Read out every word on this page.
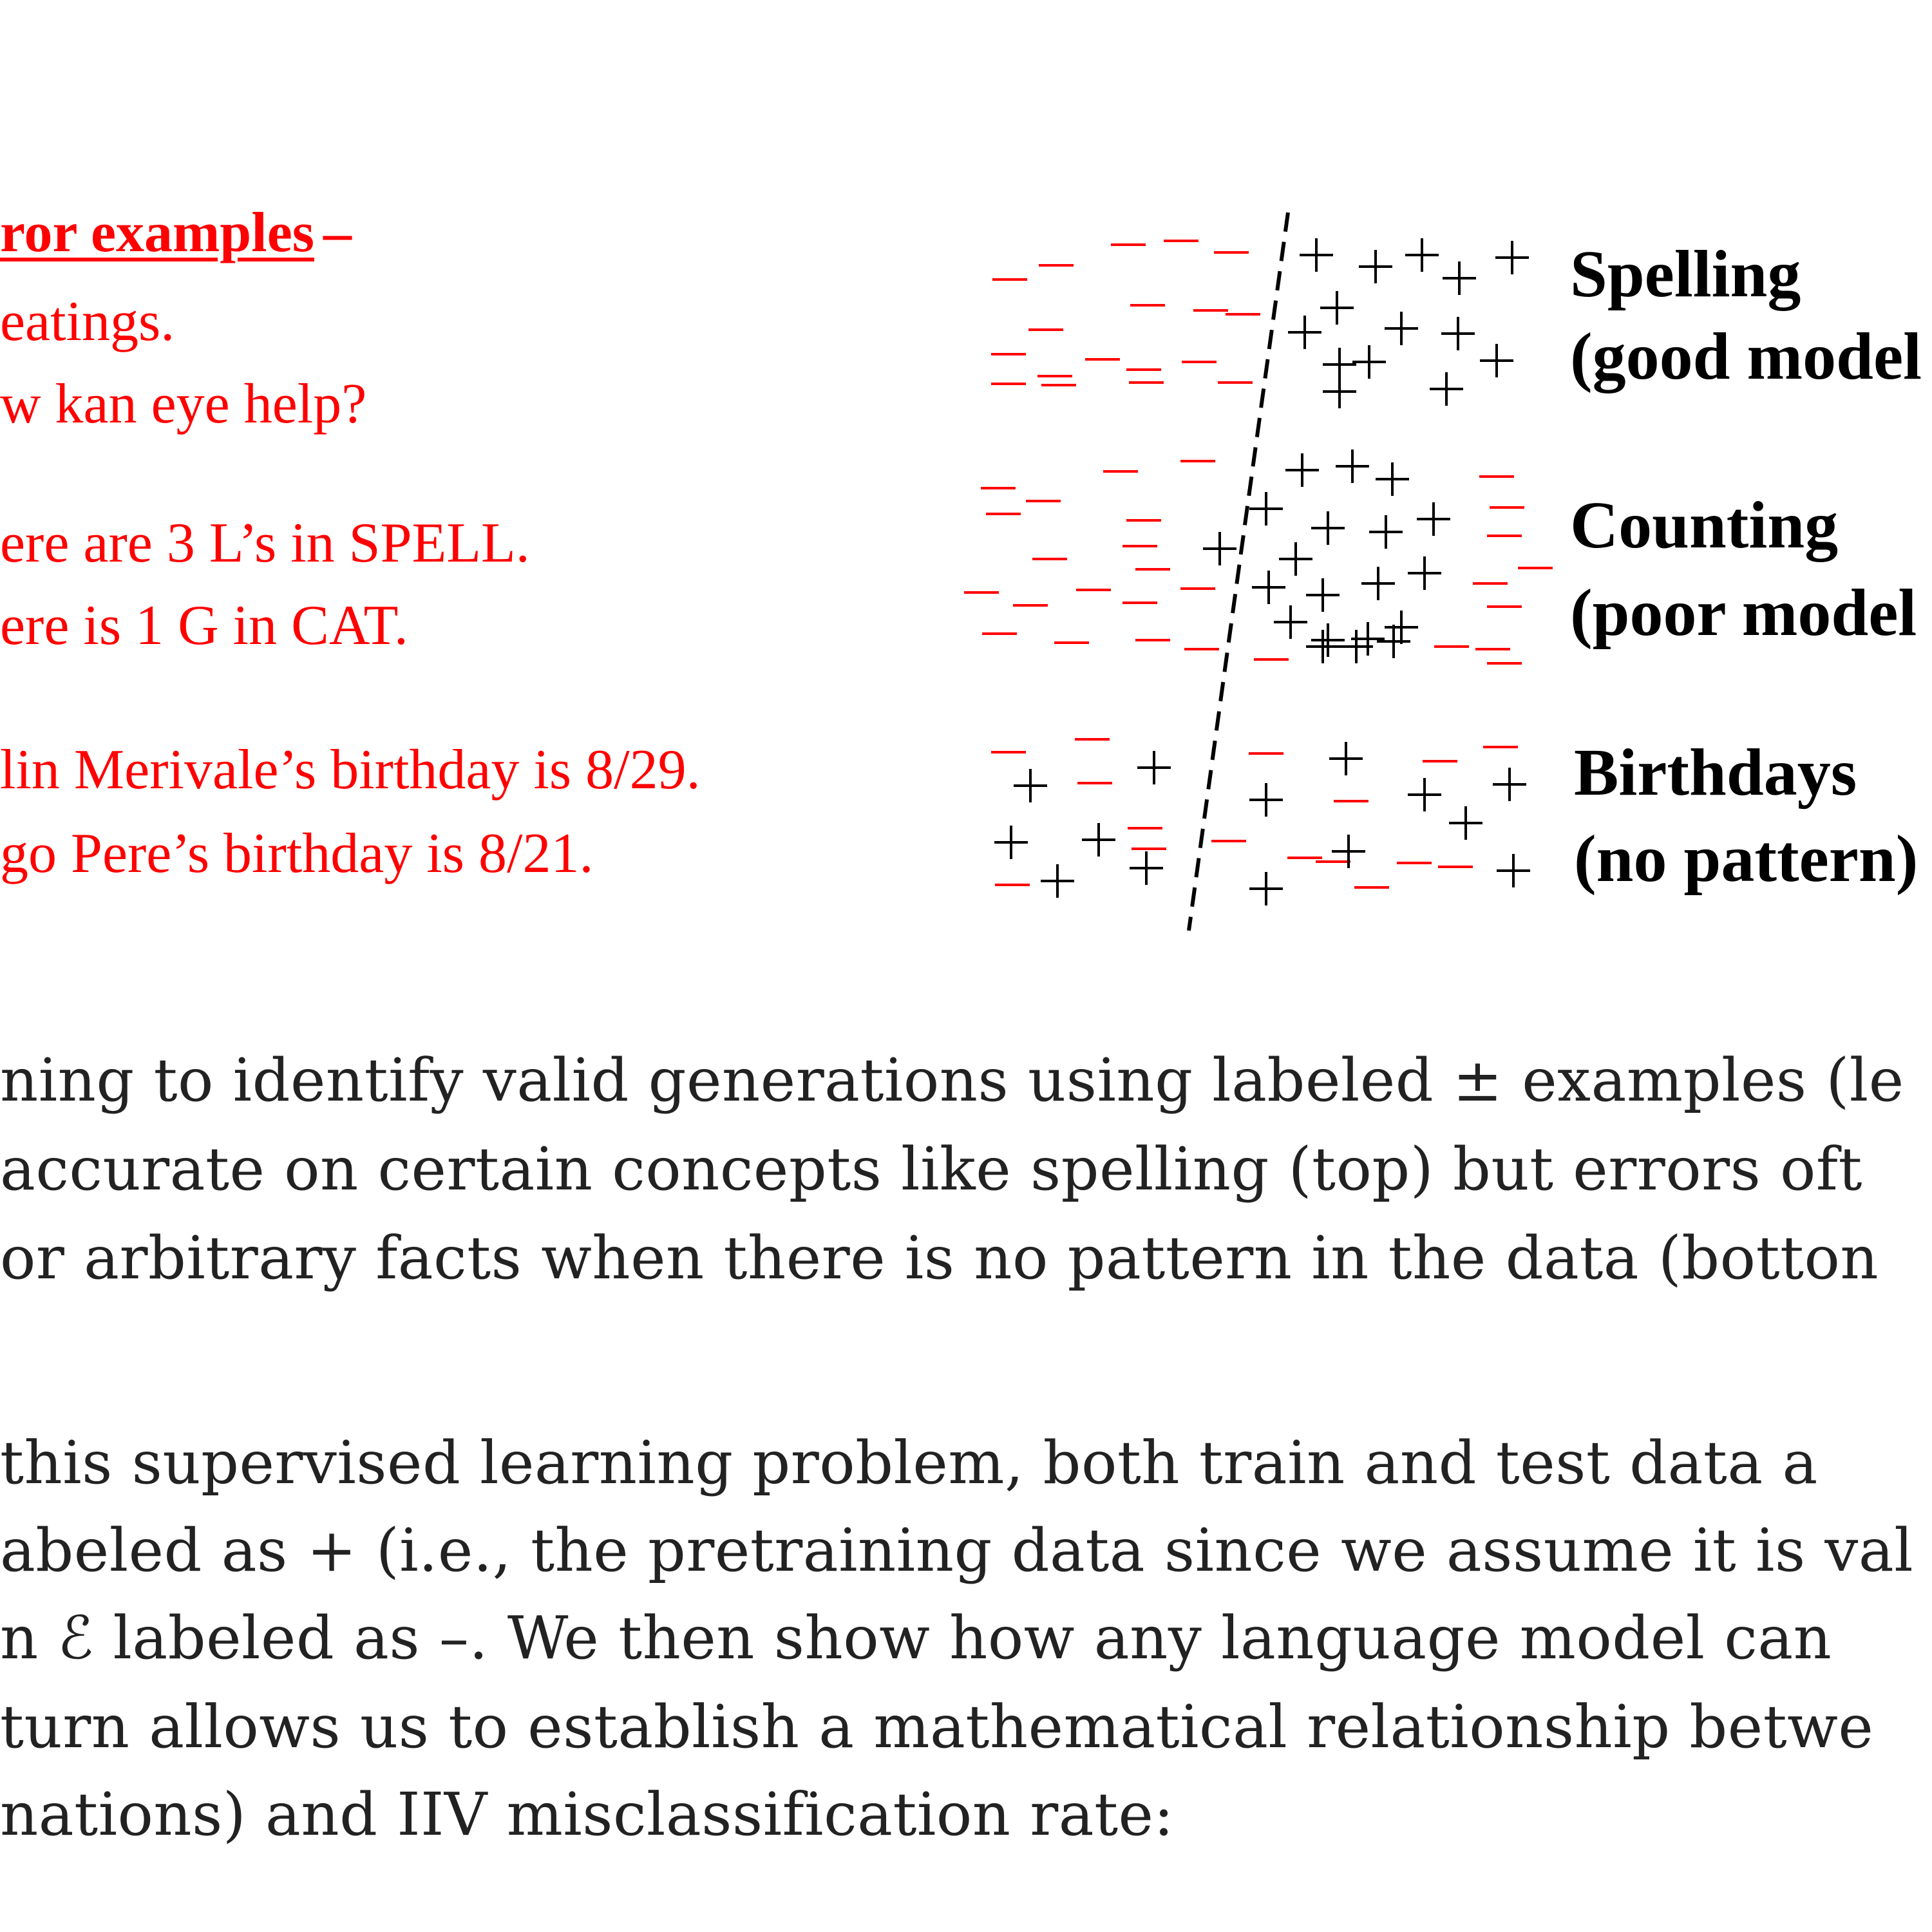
ror examples –
eatings.
w kan eye help?
ere are 3 L’s in SPELL.
ere is 1 G in CAT.
lin Merivale’s birthday is 8/29.
go Pere’s birthday is 8/21.
Spelling
(good model
Counting
(poor model
Birthdays
(no pattern)
ning to identify valid generations using labeled ± examples (le
accurate on certain concepts like spelling (top) but errors oft
or arbitrary facts when there is no pattern in the data (botton
this supervised learning problem, both train and test data a
abeled as + (i.e., the pretraining data since we assume it is val
n ℰ labeled as –. We then show how any language model can
turn allows us to establish a mathematical relationship betwe
nations) and IIV misclassification rate:
